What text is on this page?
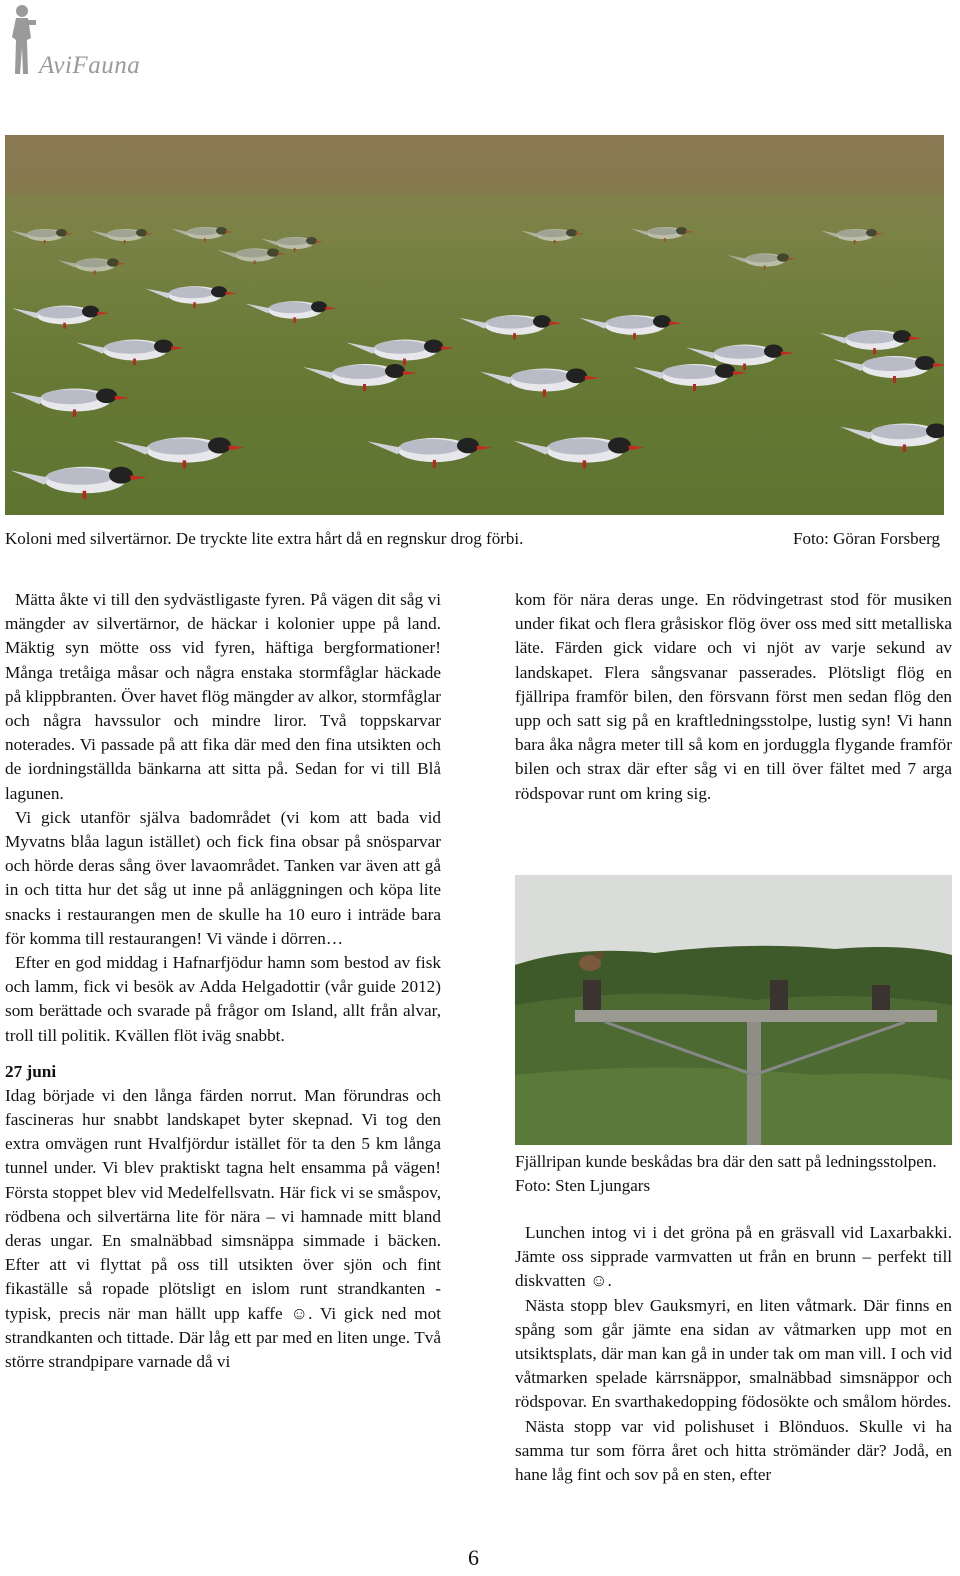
AviFauna
Koloni med silvertärnor. De tryckte lite extra hårt då en regnskur drog förbi.	Foto: Göran Forsberg

Mätta åkte vi till den sydvästligaste fyren. På vägen dit såg vi mängder av silvertärnor, de häckar i kolonier uppe på land. Mäktig syn mötte oss vid fyren, häftiga bergformationer! Många tretåiga måsar och några enstaka stormfåglar häckade på klippbranten. Över havet flög mängder av alkor, stormfåglar och några havssulor och mindre liror. Två toppskarvar noterades. Vi passade på att fika där med den fina utsikten och de iordningställda bänkarna att sitta på. Sedan for vi till Blå lagunen.

Vi gick utanför själva badområdet (vi kom att bada vid Myvatns blåa lagun istället) och fick fina obsar på snösparvar och hörde deras sång över lavaområdet. Tanken var även att gå in och titta hur det såg ut inne på anläggningen och köpa lite snacks i restaurangen men de skulle ha 10 euro i inträde bara för komma till restaurangen! Vi vände i dörren…

Efter en god middag i Hafnarfjödur hamn som bestod av fisk och lamm, fick vi besök av Adda Helgadottir (vår guide 2012) som berättade och svarade på frågor om Island, allt från alvar, troll till politik. Kvällen flöt iväg snabbt.

27 juni

Idag började vi den långa färden norrut. Man förundras och fascineras hur snabbt landskapet byter skepnad. Vi tog den extra omvägen runt Hvalfjördur istället för ta den 5 km långa tunnel under. Vi blev praktiskt tagna helt ensamma på vägen! Första stoppet blev vid Medelfellsvatn. Här fick vi se småspov, rödbena och silvertärna lite för nära – vi hamnade mitt bland deras ungar. En smalnäbbad simsnäppa simmade i bäcken. Efter att vi flyttat på oss till utsikten över sjön och fint fikaställe så ropade plötsligt en islom runt strandkanten - typisk, precis när man hällt upp kaffe ☺. Vi gick ned mot strandkanten och tittade. Där låg ett par med en liten unge. Två större strandpipare varnade då vi

kom för nära deras unge. En rödvingetrast stod för musiken under fikat och flera gråsiskor flög över oss med sitt metalliska läte. Färden gick vidare och vi njöt av varje sekund av landskapet. Flera sångsvanar passerades. Plötsligt flög en fjällripa framför bilen, den försvann först men sedan flög den upp och satt sig på en kraftledningsstolpe, lustig syn! Vi hann bara åka några meter till så kom en jorduggla flygande framför bilen och strax där efter såg vi en till över fältet med 7 arga rödspovar runt om kring sig.

Fjällripan kunde beskådas bra där den satt på ledningsstolpen. Foto: Sten Ljungars

Lunchen intog vi i det gröna på en gräsvall vid Laxarbakki. Jämte oss sipprade varmvatten ut från en brunn – perfekt till diskvatten ☺.

Nästa stopp blev Gauksmyri, en liten våtmark. Där finns en spång som går jämte ena sidan av våtmarken upp mot en utsiktsplats, där man kan gå in under tak om man vill. I och vid våtmarken spelade kärrsnäppor, smalnäbbad simsnäppor och rödspovar. En svarthakedopping födosökte och smålom hördes.

Nästa stopp var vid polishuset i Blönduos. Skulle vi ha samma tur som förra året och hitta strömänder där? Jodå, en hane låg fint och sov på en sten, efter

6
